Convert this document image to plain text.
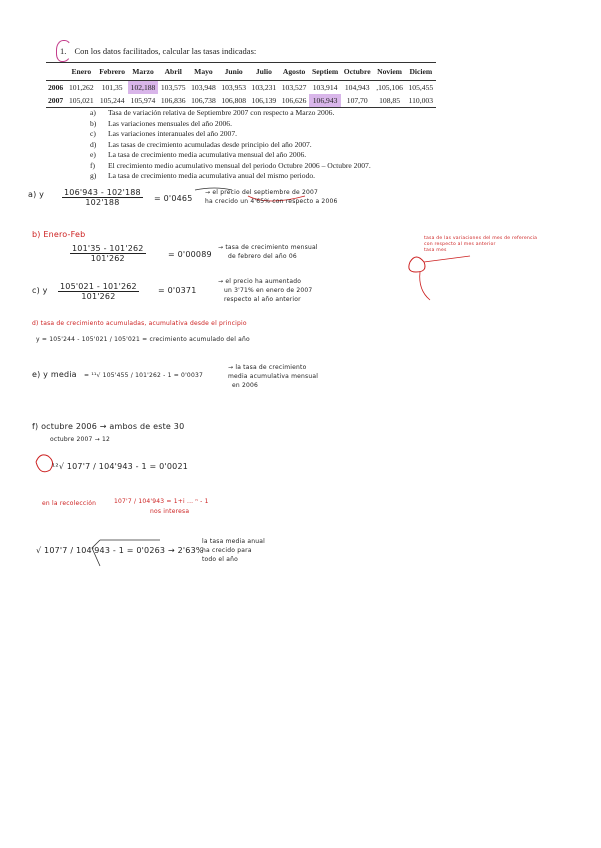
1. Con los datos facilitados, calcular las tasas indicadas:
	Enero	Febrero	Marzo	Abril	Mayo	Junio	Julio	Agosto	Septiem	Octubre	Noviem	Diciem
2006	101,262	101,35	102,188	103,575	103,948	103,953	103,231	103,527	103,914	104,943	,105,106	105,455
2007	105,021	105,244	105,974	106,836	106,738	106,808	106,139	106,626	106,943	107,70	108,85	110,003
a)	Tasa de variación relativa de Septiembre 2007 con respecto a Marzo 2006.
b)	Las variaciones mensuales del año 2006.
c)	Las variaciones interanuales del año 2007.
d)	Las tasas de crecimiento acumuladas desde principio del año 2007.
e)	La tasa de crecimiento media acumulativa mensual del año 2006.
f)	El crecimiento medio acumulativo mensual del periodo Octubre 2006 – Octubre 2007.
g)	La tasa de crecimiento media acumulativa anual del mismo periodo.
a) y $\frac{106'943 - 102'188}{102'188} = 0'0465$
→ el precio del septiembre de 2007
ha crecido un 4'65% con respecto a 2006
b) Enero-Feb
$\frac{101'35 - 101'262}{101'262}$	= 0'00089
→ tasa de crecimiento mensual
de febrero del año 06
tasa de las variaciones del mes de referencia
con respecto al mes anterior
tasa mes
c) y $\frac{105'021 - 101'262}{101'262} = 0'0371$
→ el precio ha aumentado
un 3'71% en enero de 2007
respecto al año anterior
d) tasa de crecimiento acumuladas, acumulativa desde el principio
y = 105'244 - 105'021 / 105'021 = crecimiento acumulado del año
e) y media = ¹¹√ 105'455 / 101'262 - 1 = 0'0037
→ la tasa de crecimiento
media acumulativa mensual
en 2006
f) octubre 2006 → ambos de este 30
octubre 2007 → 12
¹²√ 107'7 / 104'943 - 1 = 0'0021
en la recolección	107'7 / 104'943 = 1+i ... ⁿ - 1
nos interesa
√ 107'7 / 104'943 - 1 = 0'0263 → 2'63%
la tasa media anual
ha crecido para
todo el año
